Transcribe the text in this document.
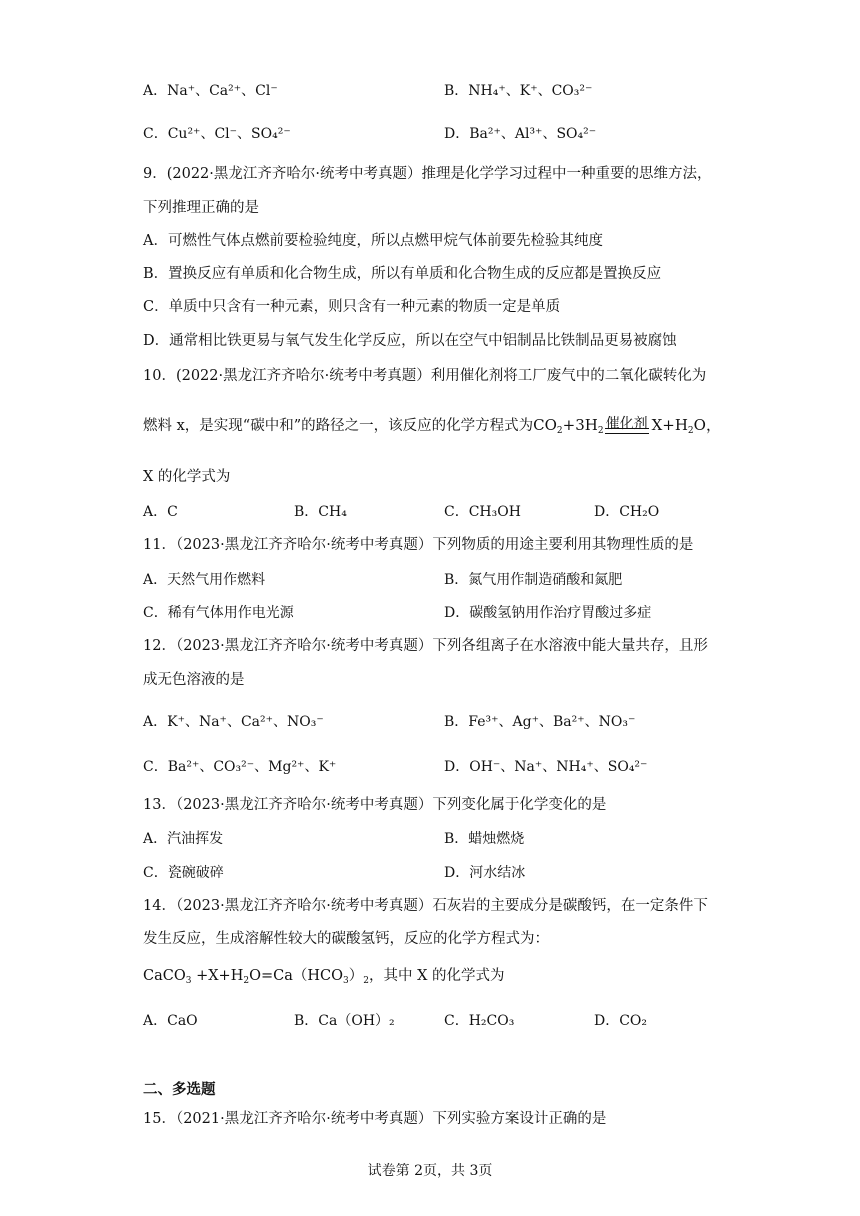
A．Na⁺、Ca²⁺、Cl⁻	B．NH₄⁺、K⁺、CO₃²⁻
C．Cu²⁺、Cl⁻、SO₄²⁻	D．Ba²⁺、Al³⁺、SO₄²⁻
9．(2022·黑龙江齐齐哈尔·统考中考真题）推理是化学学习过程中一种重要的思维方法，
下列推理正确的是
A．可燃性气体点燃前要检验纯度，所以点燃甲烷气体前要先检验其纯度
B．置换反应有单质和化合物生成，所以有单质和化合物生成的反应都是置换反应
C．单质中只含有一种元素，则只含有一种元素的物质一定是单质
D．通常相比铁更易与氧气发生化学反应，所以在空气中铝制品比铁制品更易被腐蚀
10．(2022·黑龙江齐齐哈尔·统考中考真题）利用催化剂将工厂废气中的二氧化碳转化为
燃料 x，是实现“碳中和”的路径之一，该反应的化学方程式为$CO_2+3H_2$ 催化剂 $X+H_2O$，
X 的化学式为
A．C	B．CH₄	C．CH₃OH	D．CH₂O
11．（2023·黑龙江齐齐哈尔·统考中考真题）下列物质的用途主要利用其物理性质的是
A．天然气用作燃料	B．氮气用作制造硝酸和氮肥
C．稀有气体用作电光源	D．碳酸氢钠用作治疗胃酸过多症
12．（2023·黑龙江齐齐哈尔·统考中考真题）下列各组离子在水溶液中能大量共存，且形
成无色溶液的是
A．K⁺、Na⁺、Ca²⁺、NO₃⁻	B．Fe³⁺、Ag⁺、Ba²⁺、NO₃⁻
C．Ba²⁺、CO₃²⁻、Mg²⁺、K⁺	D．OH⁻、Na⁺、NH₄⁺、SO₄²⁻
13．（2023·黑龙江齐齐哈尔·统考中考真题）下列变化属于化学变化的是
A．汽油挥发	B．蜡烛燃烧
C．瓷碗破碎	D．河水结冰
14．（2023·黑龙江齐齐哈尔·统考中考真题）石灰岩的主要成分是碳酸钙，在一定条件下
发生反应，生成溶解性较大的碳酸氢钙，反应的化学方程式为：
CaCO$_3$ $+X+H_2O=Ca(HCO_3)_2$，其中 X 的化学式为
A．CaO	B．Ca（OH）₂	C．H₂CO₃	D．CO₂
二、多选题
15．（2021·黑龙江齐齐哈尔·统考中考真题）下列实验方案设计正确的是
试卷第 2页，共 3页
